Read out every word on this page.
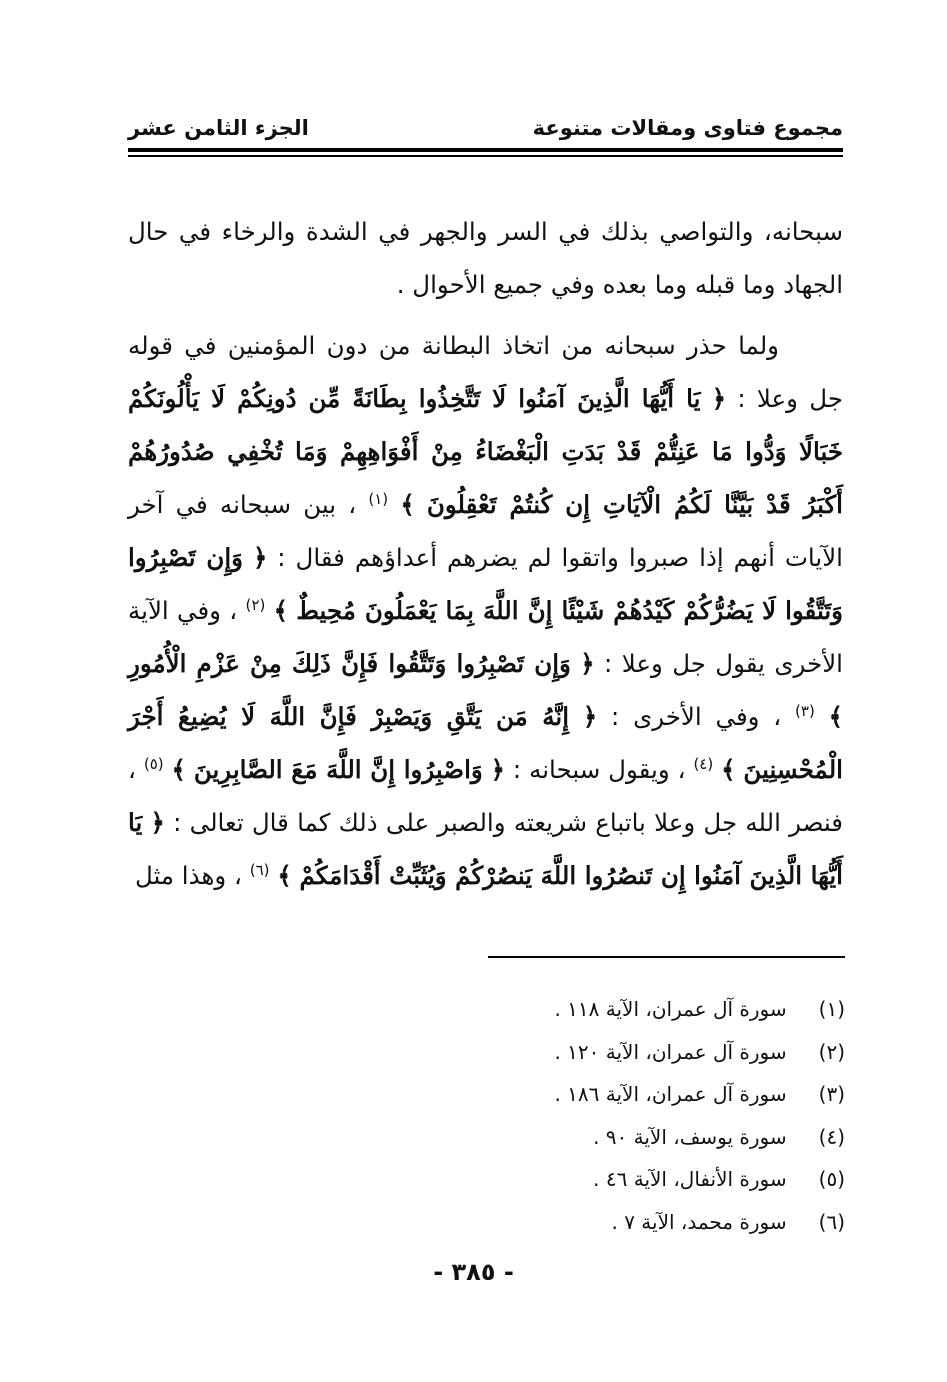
مجموع فتاوى ومقالات متنوعة
الجزء الثامن عشر

سبحانه، والتواصي بذلك في السر والجهر في الشدة والرخاء في حال الجهاد وما قبله وما بعده وفي جميع الأحوال .

ولما حذر سبحانه من اتخاذ البطانة من دون المؤمنين في قوله جل وعلا : ﴿ يَا أَيُّهَا الَّذِينَ آمَنُوا لَا تَتَّخِذُوا بِطَانَةً مِّن دُونِكُمْ لَا يَأْلُونَكُمْ خَبَالًا وَدُّوا مَا عَنِتُّمْ قَدْ بَدَتِ الْبَغْضَاءُ مِنْ أَفْوَاهِهِمْ وَمَا تُخْفِي صُدُورُهُمْ أَكْبَرُ قَدْ بَيَّنَّا لَكُمُ الْآيَاتِ إِن كُنتُمْ تَعْقِلُونَ ﴾ $^{(١)}$ ، بين سبحانه في آخر الآيات أنهم إذا صبروا واتقوا لم يضرهم أعداؤهم فقال : ﴿ وَإِن تَصْبِرُوا وَتَتَّقُوا لَا يَضُرُّكُمْ كَيْدُهُمْ شَيْئًا إِنَّ اللَّهَ بِمَا يَعْمَلُونَ مُحِيطٌ ﴾ $^{(٢)}$ ، وفي الآية الأخرى يقول جل وعلا : ﴿ وَإِن تَصْبِرُوا وَتَتَّقُوا فَإِنَّ ذَلِكَ مِنْ عَزْمِ الْأُمُورِ ﴾ $^{(٣)}$ ، وفي الأخرى : ﴿ إِنَّهُ مَن يَتَّقِ وَيَصْبِرْ فَإِنَّ اللَّهَ لَا يُضِيعُ أَجْرَ الْمُحْسِنِينَ ﴾ $^{(٤)}$ ، ويقول سبحانه : ﴿ وَاصْبِرُوا إِنَّ اللَّهَ مَعَ الصَّابِرِينَ ﴾ $^{(٥)}$ ، فنصر الله جل وعلا باتباع شريعته والصبر على ذلك كما قال تعالى : ﴿ يَا أَيُّهَا الَّذِينَ آمَنُوا إِن تَنصُرُوا اللَّهَ يَنصُرْكُمْ وَيُثَبِّتْ أَقْدَامَكُمْ ﴾ $^{(٦)}$ ، وهذا مثل

(١) سورة آل عمران، الآية ١١٨ .
(٢) سورة آل عمران، الآية ١٢٠ .
(٣) سورة آل عمران، الآية ١٨٦ .
(٤) سورة يوسف، الآية ٩٠ .
(٥) سورة الأنفال، الآية ٤٦ .
(٦) سورة محمد، الآية ٧ .
- ٣٨٥ -
